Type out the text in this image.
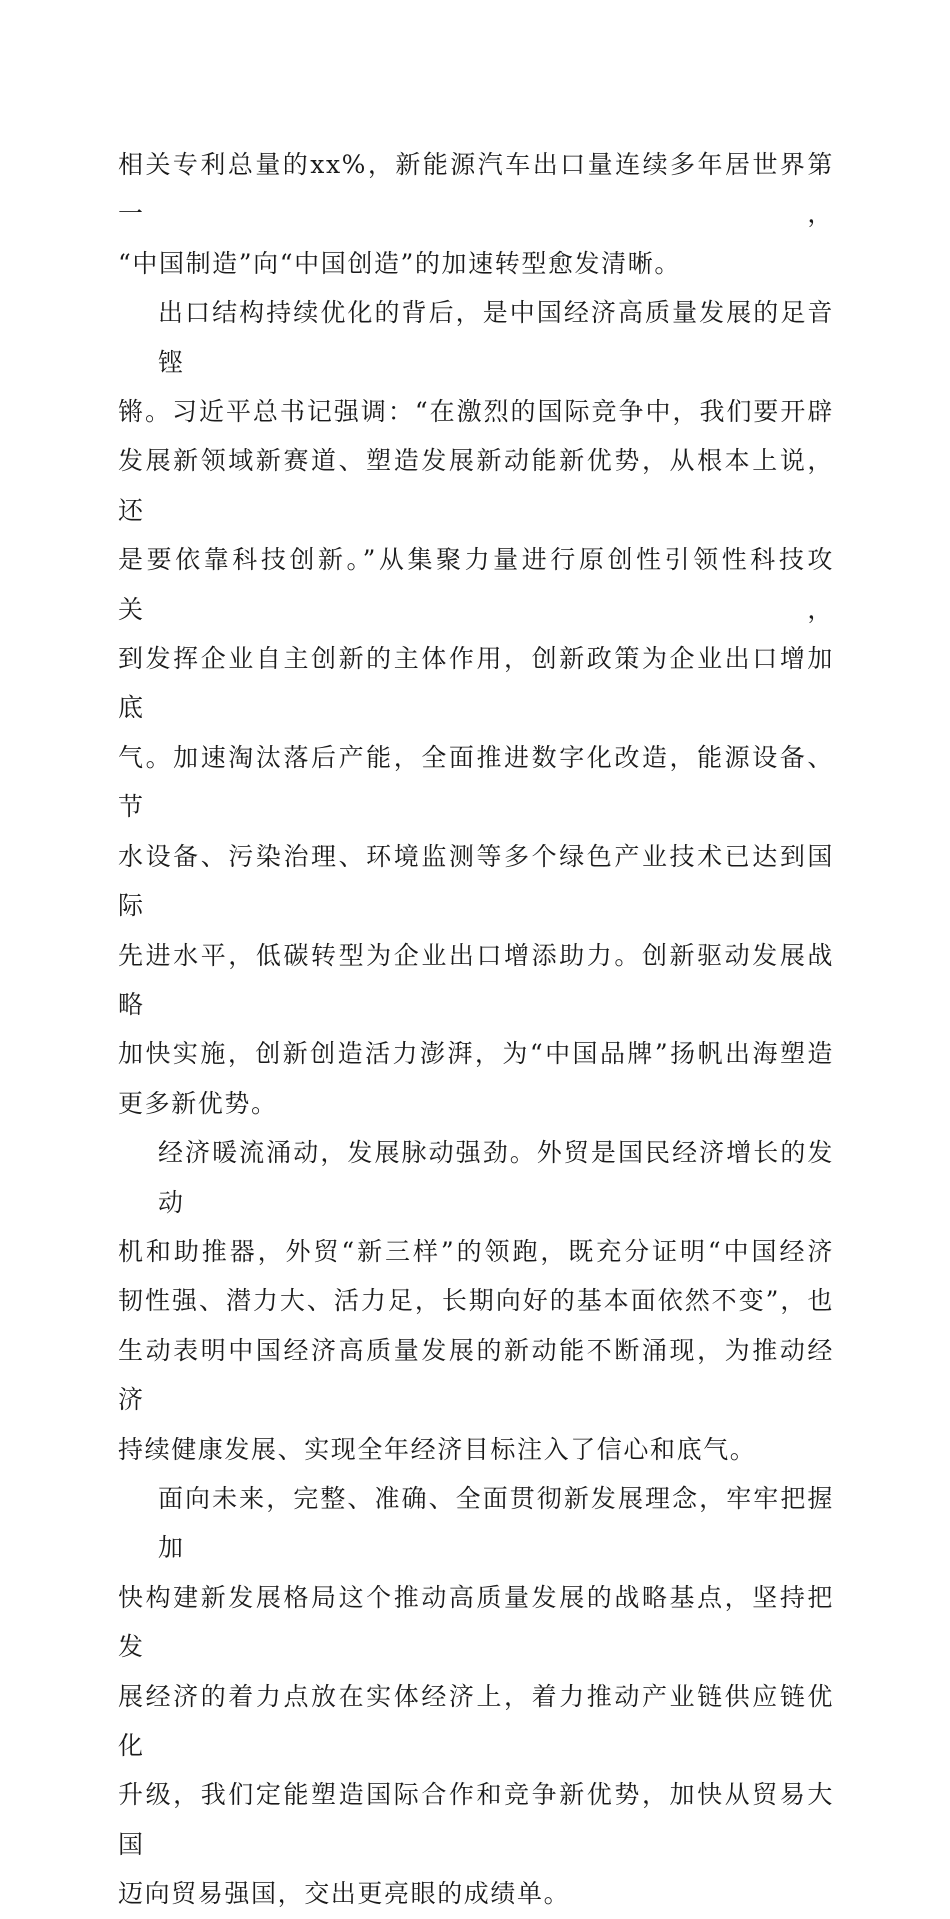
相关专利总量的xx%，新能源汽车出口量连续多年居世界第一，
“中国制造”向“中国创造”的加速转型愈发清晰。
出口结构持续优化的背后，是中国经济高质量发展的足音铿
锵。习近平总书记强调：“在激烈的国际竞争中，我们要开辟
发展新领域新赛道、塑造发展新动能新优势，从根本上说，还
是要依靠科技创新。”从集聚力量进行原创性引领性科技攻关，
到发挥企业自主创新的主体作用，创新政策为企业出口增加底
气。加速淘汰落后产能，全面推进数字化改造，能源设备、节
水设备、污染治理、环境监测等多个绿色产业技术已达到国际
先进水平，低碳转型为企业出口增添助力。创新驱动发展战略
加快实施，创新创造活力澎湃，为“中国品牌”扬帆出海塑造
更多新优势。
经济暖流涌动，发展脉动强劲。外贸是国民经济增长的发动
机和助推器，外贸“新三样”的领跑，既充分证明“中国经济
韧性强、潜力大、活力足，长期向好的基本面依然不变”，也
生动表明中国经济高质量发展的新动能不断涌现，为推动经济
持续健康发展、实现全年经济目标注入了信心和底气。
面向未来，完整、准确、全面贯彻新发展理念，牢牢把握加
快构建新发展格局这个推动高质量发展的战略基点，坚持把发
展经济的着力点放在实体经济上，着力推动产业链供应链优化
升级，我们定能塑造国际合作和竞争新优势，加快从贸易大国
迈向贸易强国，交出更亮眼的成绩单。
